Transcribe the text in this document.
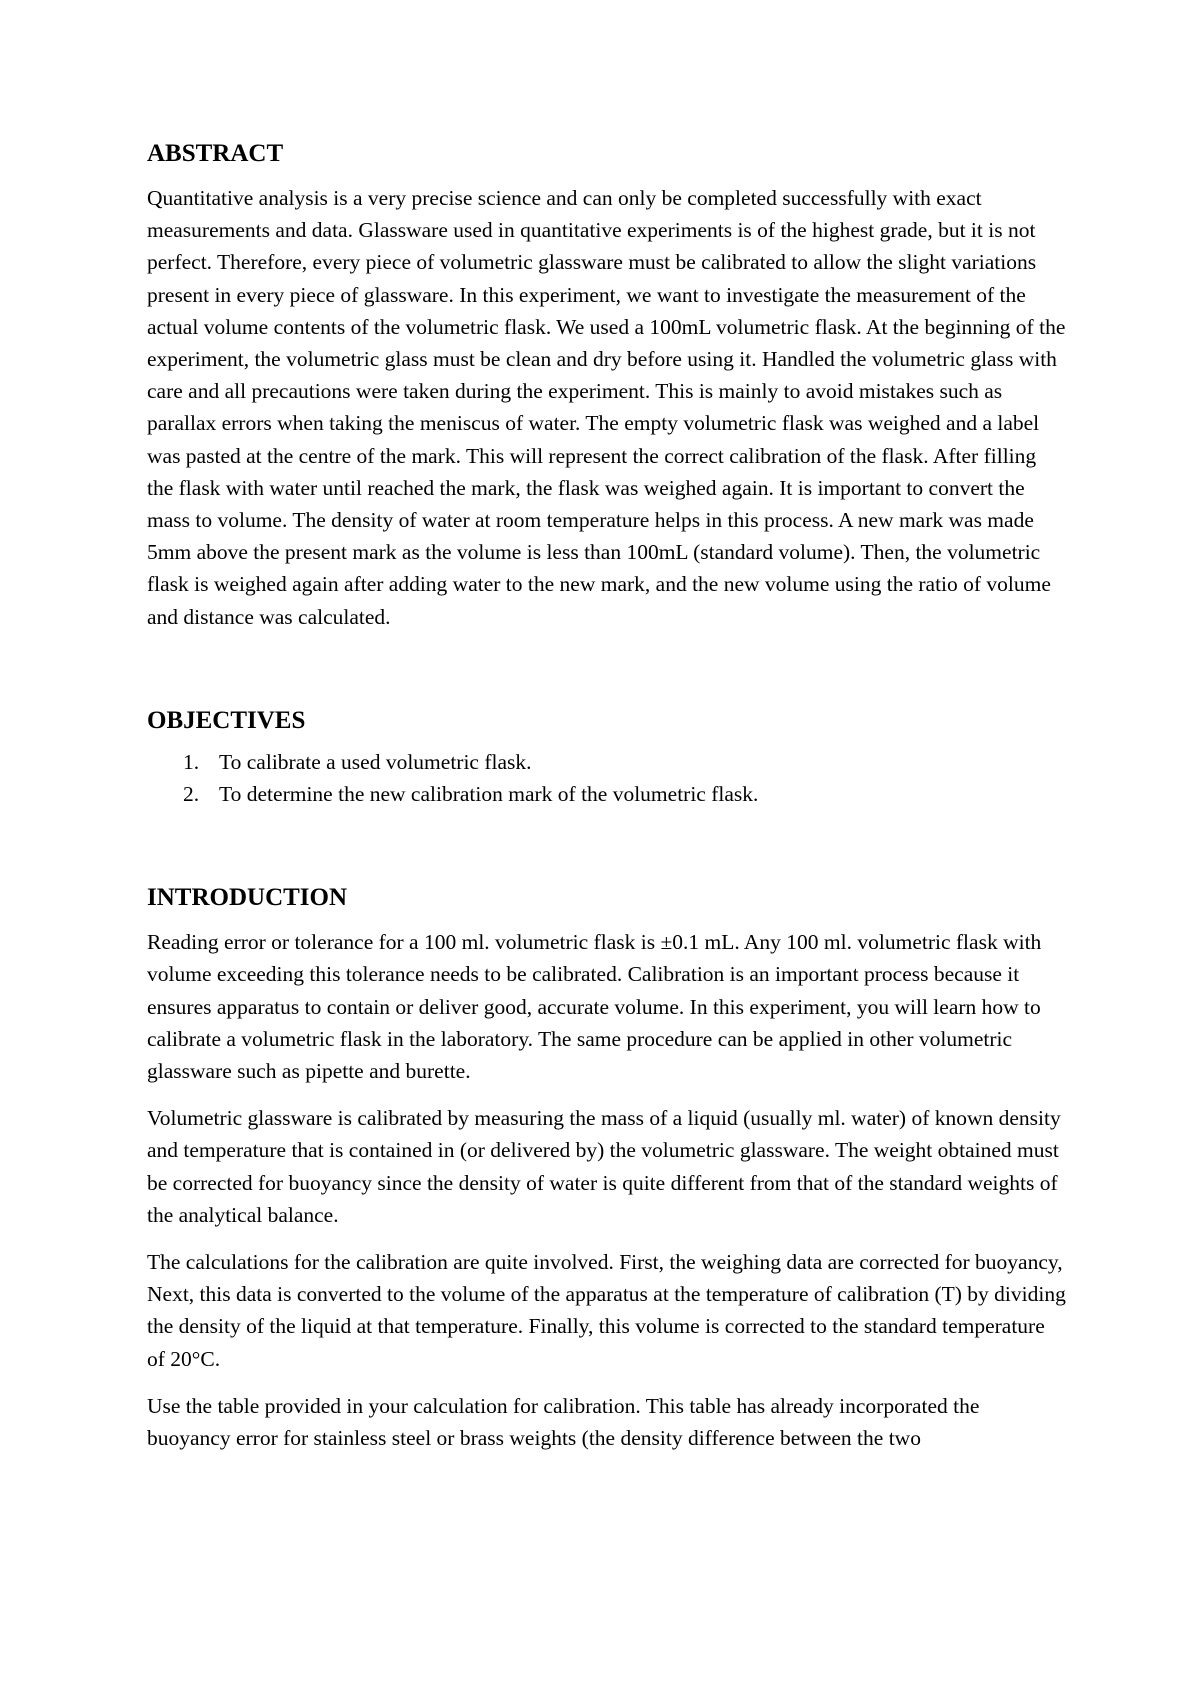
ABSTRACT

Quantitative analysis is a very precise science and can only be completed successfully with exact measurements and data. Glassware used in quantitative experiments is of the highest grade, but it is not perfect. Therefore, every piece of volumetric glassware must be calibrated to allow the slight variations present in every piece of glassware. In this experiment, we want to investigate the measurement of the actual volume contents of the volumetric flask. We used a 100mL volumetric flask. At the beginning of the experiment, the volumetric glass must be clean and dry before using it. Handled the volumetric glass with care and all precautions were taken during the experiment. This is mainly to avoid mistakes such as parallax errors when taking the meniscus of water. The empty volumetric flask was weighed and a label was pasted at the centre of the mark. This will represent the correct calibration of the flask. After filling the flask with water until reached the mark, the flask was weighed again. It is important to convert the mass to volume. The density of water at room temperature helps in this process. A new mark was made 5mm above the present mark as the volume is less than 100mL (standard volume). Then, the volumetric flask is weighed again after adding water to the new mark, and the new volume using the ratio of volume and distance was calculated.

OBJECTIVES
1. To calibrate a used volumetric flask.
2. To determine the new calibration mark of the volumetric flask.
INTRODUCTION

Reading error or tolerance for a 100 ml. volumetric flask is ±0.1 mL. Any 100 ml. volumetric flask with volume exceeding this tolerance needs to be calibrated. Calibration is an important process because it ensures apparatus to contain or deliver good, accurate volume. In this experiment, you will learn how to calibrate a volumetric flask in the laboratory. The same procedure can be applied in other volumetric glassware such as pipette and burette.

Volumetric glassware is calibrated by measuring the mass of a liquid (usually ml. water) of known density and temperature that is contained in (or delivered by) the volumetric glassware. The weight obtained must be corrected for buoyancy since the density of water is quite different from that of the standard weights of the analytical balance.

The calculations for the calibration are quite involved. First, the weighing data are corrected for buoyancy, Next, this data is converted to the volume of the apparatus at the temperature of calibration (T) by dividing the density of the liquid at that temperature. Finally, this volume is corrected to the standard temperature of 20°C.

Use the table provided in your calculation for calibration. This table has already incorporated the buoyancy error for stainless steel or brass weights (the density difference between the two
